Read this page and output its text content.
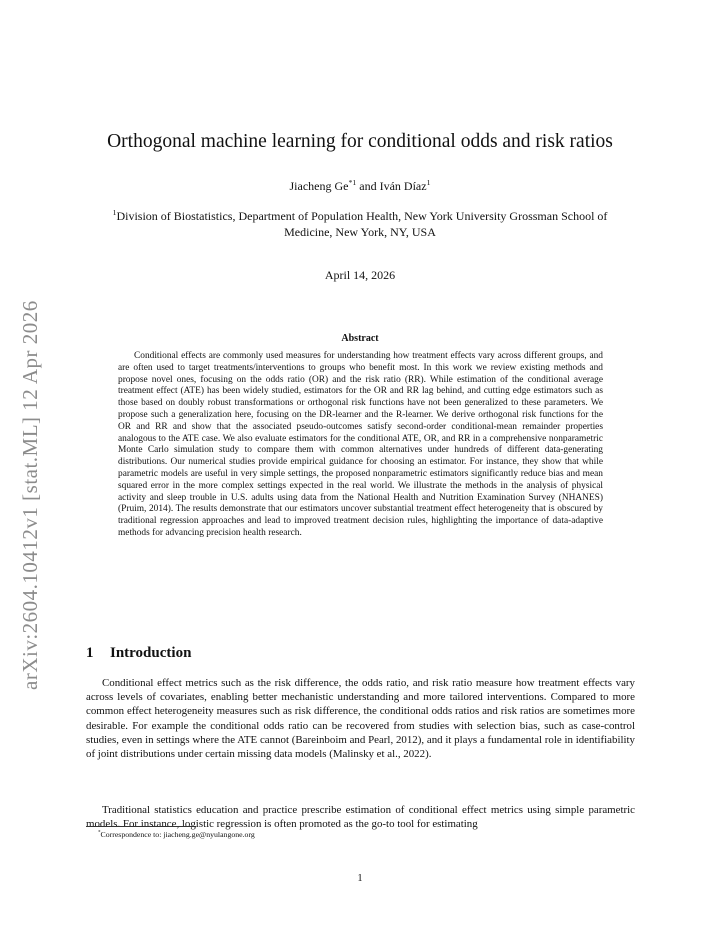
arXiv:2604.10412v1 [stat.ML] 12 Apr 2026
Orthogonal machine learning for conditional odds and risk ratios
Jiacheng Ge$^{*1}$ and Iván Díaz$^1$
$^1$Division of Biostatistics, Department of Population Health, New York University Grossman School of Medicine, New York, NY, USA
April 14, 2026
Abstract

Conditional effects are commonly used measures for understanding how treatment effects vary across different groups, and are often used to target treatments/interventions to groups who benefit most. In this work we review existing methods and propose novel ones, focusing on the odds ratio (OR) and the risk ratio (RR). While estimation of the conditional average treatment effect (ATE) has been widely studied, estimators for the OR and RR lag behind, and cutting edge estimators such as those based on doubly robust transformations or orthogonal risk functions have not been generalized to these parameters. We propose such a generalization here, focusing on the DR-learner and the R-learner. We derive orthogonal risk functions for the OR and RR and show that the associated pseudo-outcomes satisfy second-order conditional-mean remainder properties analogous to the ATE case. We also evaluate estimators for the conditional ATE, OR, and RR in a comprehensive nonparametric Monte Carlo simulation study to compare them with common alternatives under hundreds of different data-generating distributions. Our numerical studies provide empirical guidance for choosing an estimator. For instance, they show that while parametric models are useful in very simple settings, the proposed nonparametric estimators significantly reduce bias and mean squared error in the more complex settings expected in the real world. We illustrate the methods in the analysis of physical activity and sleep trouble in U.S. adults using data from the National Health and Nutrition Examination Survey (NHANES) (Pruim, 2014). The results demonstrate that our estimators uncover substantial treatment effect heterogeneity that is obscured by traditional regression approaches and lead to improved treatment decision rules, highlighting the importance of data-adaptive methods for advancing precision health research.

1 Introduction

Conditional effect metrics such as the risk difference, the odds ratio, and risk ratio measure how treatment effects vary across levels of covariates, enabling better mechanistic understanding and more tailored interventions. Compared to more common effect heterogeneity measures such as risk difference, the conditional odds ratios and risk ratios are sometimes more desirable. For example the conditional odds ratio can be recovered from studies with selection bias, such as case-control studies, even in settings where the ATE cannot (Bareinboim and Pearl, 2012), and it plays a fundamental role in identifiability of joint distributions under certain missing data models (Malinsky et al., 2022).

Traditional statistics education and practice prescribe estimation of conditional effect metrics using simple parametric models. For instance, logistic regression is often promoted as the go-to tool for estimating

*Correspondence to: jiacheng.ge@nyulangone.org
1
